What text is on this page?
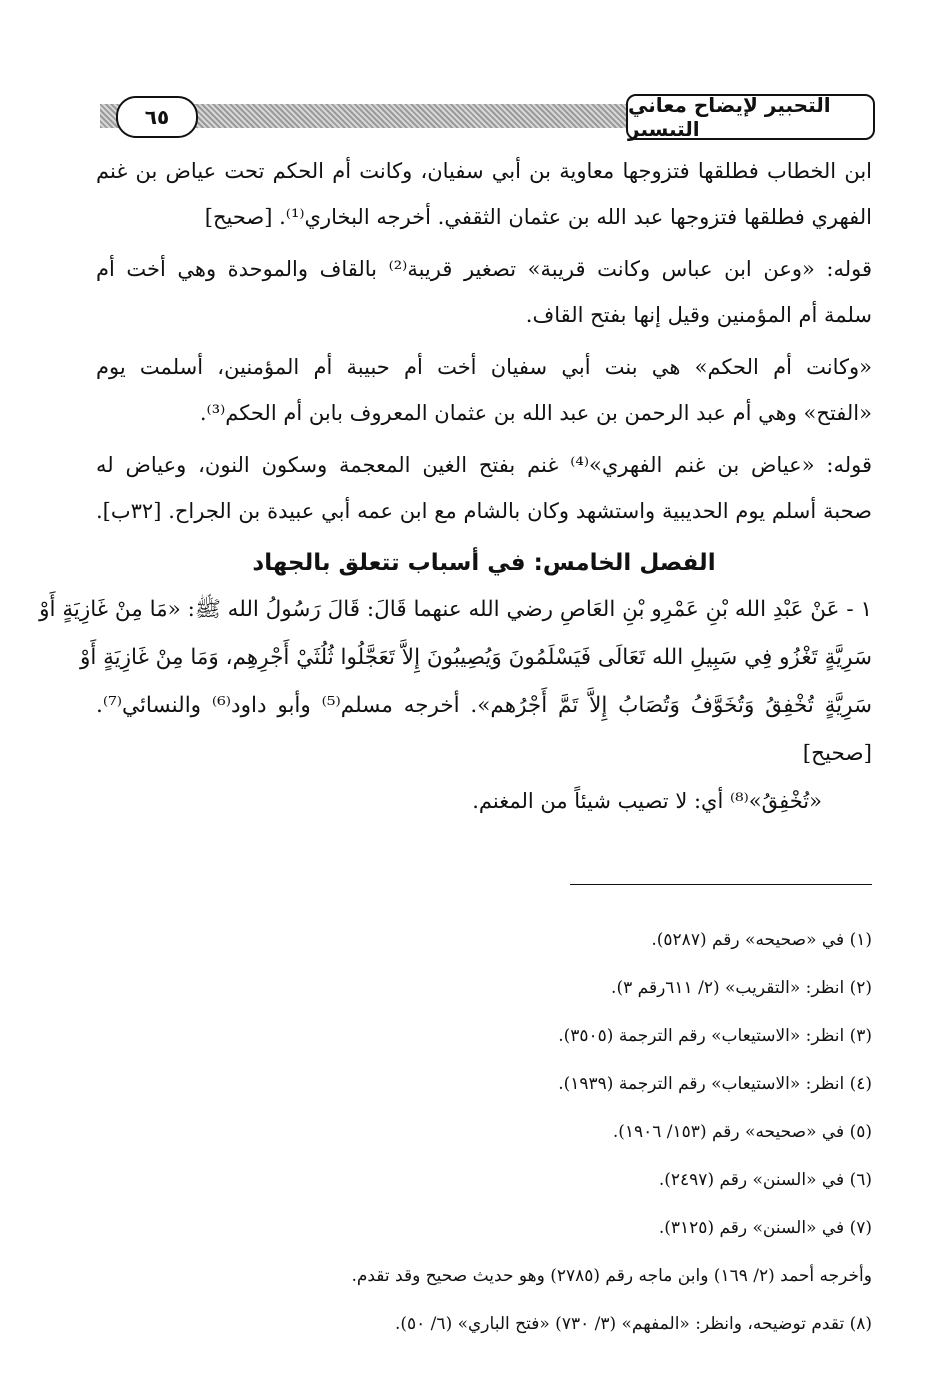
التحبير لإيضاح معاني التيسير
٦٥

ابن الخطاب فطلقها فتزوجها معاوية بن أبي سفيان، وكانت أم الحكم تحت عياض بن غنم

الفهري فطلقها فتزوجها عبد الله بن عثمان الثقفي. أخرجه البخاري⁽¹⁾. [صحيح]

قوله: «وعن ابن عباس وكانت قريبة» تصغير قريبة⁽²⁾ بالقاف والموحدة وهي أخت أم

سلمة أم المؤمنين وقيل إنها بفتح القاف.

«وكانت أم الحكم» هي بنت أبي سفيان أخت أم حبيبة أم المؤمنين، أسلمت يوم

«الفتح» وهي أم عبد الرحمن بن عبد الله بن عثمان المعروف بابن أم الحكم⁽³⁾.

قوله: «عياض بن غنم الفهري»⁽⁴⁾ غنم بفتح الغين المعجمة وسكون النون، وعياض له

صحبة أسلم يوم الحديبية واستشهد وكان بالشام مع ابن عمه أبي عبيدة بن الجراح. [٣٢ب].

الفصل الخامس: في أسباب تتعلق بالجهاد

١ - عَنْ عَبْدِ الله بْنِ عَمْرِو بْنِ العَاصِ رضي الله عنهما قَالَ: قَالَ رَسُولُ الله ﷺ: «مَا مِنْ غَازِيَةٍ أَوْ

سَرِيَّةٍ تَغْزُو فِي سَبِيلِ الله تَعَالَى فَيَسْلَمُونَ وَيُصِيبُونَ إِلاَّ تَعَجَّلُوا ثُلُثَيْ أَجْرِهِم، وَمَا مِنْ غَازِيَةٍ أَوْ

سَرِيَّةٍ تُخْفِقُ وَتُخَوَّفُ وَتُصَابُ إِلاَّ تَمَّ أَجْرُهم». أخرجه مسلم⁽⁵⁾ وأبو داود⁽⁶⁾ والنسائي⁽⁷⁾.

[صحيح]

«تُخْفِقُ»⁽⁸⁾ أي: لا تصيب شيئاً من المغنم.

(١) في «صحيحه» رقم (٥٢٨٧).

(٢) انظر: «التقريب» (٢/ ٦١١رقم ٣).

(٣) انظر: «الاستيعاب» رقم الترجمة (٣٥٠٥).

(٤) انظر: «الاستيعاب» رقم الترجمة (١٩٣٩).

(٥) في «صحيحه» رقم (١٥٣/ ١٩٠٦).

(٦) في «السنن» رقم (٢٤٩٧).

(٧) في «السنن» رقم (٣١٢٥).

وأخرجه أحمد (٢/ ١٦٩) وابن ماجه رقم (٢٧٨٥) وهو حديث صحيح وقد تقدم.

(٨) تقدم توضيحه، وانظر: «المفهم» (٣/ ٧٣٠) «فتح الباري» (٦/ ٥٠).
